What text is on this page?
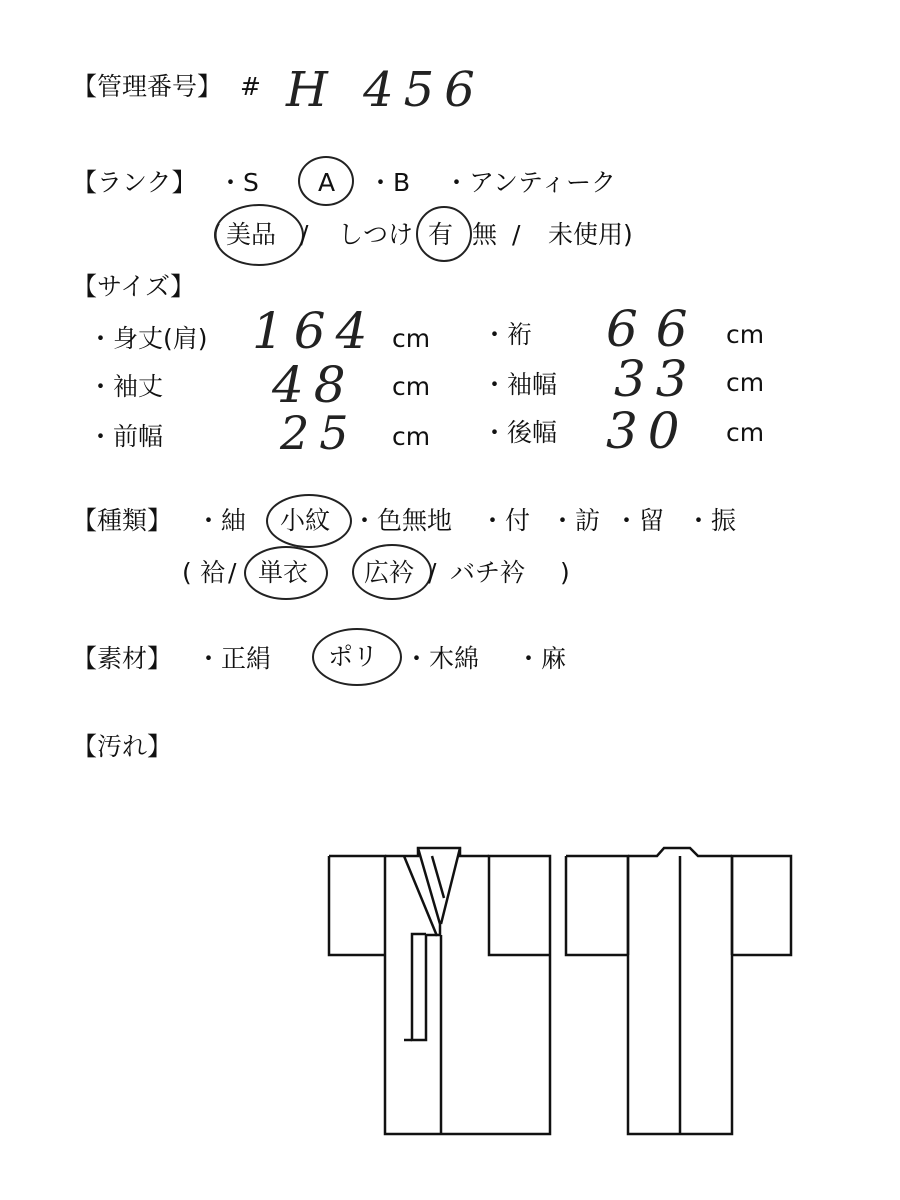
【管理番号】 # H 456
【ランク】 ・S A ・B ・アンティーク
( 美品 / しつけ 有 無 / 未使用)
【サイズ】
・身丈(肩) 164 cm ・裄 66 cm
・袖丈 48 cm ・袖幅 33 cm
・前幅	25 cm ・後幅 30 cm
【種類】 ・紬 小紋 ・色無地 ・付 ・訪 ・留 ・振
( 袷 / 単衣 広衿 / バチ衿 )
【素材】 ・正絹 ポリ ・木綿 ・麻
【汚れ】
